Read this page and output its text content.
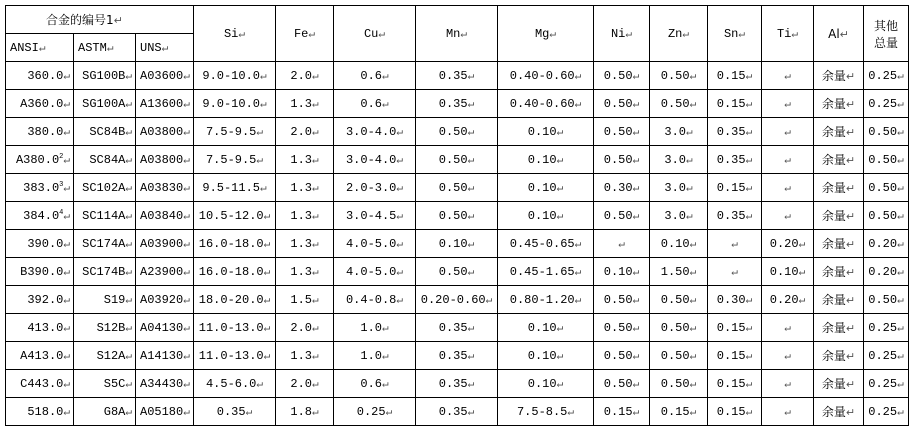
合金的编号1↵			Si↵	Fe↵	Cu↵	Mn↵	Mg↵	Ni↵	Zn↵	Sn↵	Ti↵	Al↵	其他
总量

ANSI↵	ASTM↵	UNS↵											
360.0↵	SG100B↵	A03600↵	9.0-10.0↵	2.0↵	0.6↵	0.35↵	0.40-0.60↵	0.50↵	0.50↵	0.15↵	↵	余量↵	0.25↵
A360.0↵	SG100A↵	A13600↵	9.0-10.0↵	1.3↵	0.6↵	0.35↵	0.40-0.60↵	0.50↵	0.50↵	0.15↵	↵	余量↵	0.25↵
380.0↵	SC84B↵	A03800↵	7.5-9.5↵	2.0↵	3.0-4.0↵	0.50↵	0.10↵	0.50↵	3.0↵	0.35↵	↵	余量↵	0.50↵
A380.0$^2$↵	SC84A↵	A03800↵	7.5-9.5↵	1.3↵	3.0-4.0↵	0.50↵	0.10↵	0.50↵	3.0↵	0.35↵	↵	余量↵	0.50↵
383.0$^3$↵	SC102A↵	A03830↵	9.5-11.5↵	1.3↵	2.0-3.0↵	0.50↵	0.10↵	0.30↵	3.0↵	0.15↵	↵	余量↵	0.50↵
384.0$^4$↵	SC114A↵	A03840↵	10.5-12.0↵	1.3↵	3.0-4.5↵	0.50↵	0.10↵	0.50↵	3.0↵	0.35↵	↵	余量↵	0.50↵
390.0↵	SC174A↵	A03900↵	16.0-18.0↵	1.3↵	4.0-5.0↵	0.10↵	0.45-0.65↵	↵	0.10↵	↵	0.20↵	余量↵	0.20↵
B390.0↵	SC174B↵	A23900↵	16.0-18.0↵	1.3↵	4.0-5.0↵	0.50↵	0.45-1.65↵	0.10↵	1.50↵	↵	0.10↵	余量↵	0.20↵
392.0↵	S19↵	A03920↵	18.0-20.0↵	1.5↵	0.4-0.8↵	0.20-0.60↵	0.80-1.20↵	0.50↵	0.50↵	0.30↵	0.20↵	余量↵	0.50↵
413.0↵	S12B↵	A04130↵	11.0-13.0↵	2.0↵	1.0↵	0.35↵	0.10↵	0.50↵	0.50↵	0.15↵	↵	余量↵	0.25↵
A413.0↵	S12A↵	A14130↵	11.0-13.0↵	1.3↵	1.0↵	0.35↵	0.10↵	0.50↵	0.50↵	0.15↵	↵	余量↵	0.25↵
C443.0↵	S5C↵	A34430↵	4.5-6.0↵	2.0↵	0.6↵	0.35↵	0.10↵	0.50↵	0.50↵	0.15↵	↵	余量↵	0.25↵
518.0↵	G8A↵	A05180↵	0.35↵	1.8↵	0.25↵	0.35↵	7.5-8.5↵	0.15↵	0.15↵	0.15↵	↵	余量↵	0.25↵
